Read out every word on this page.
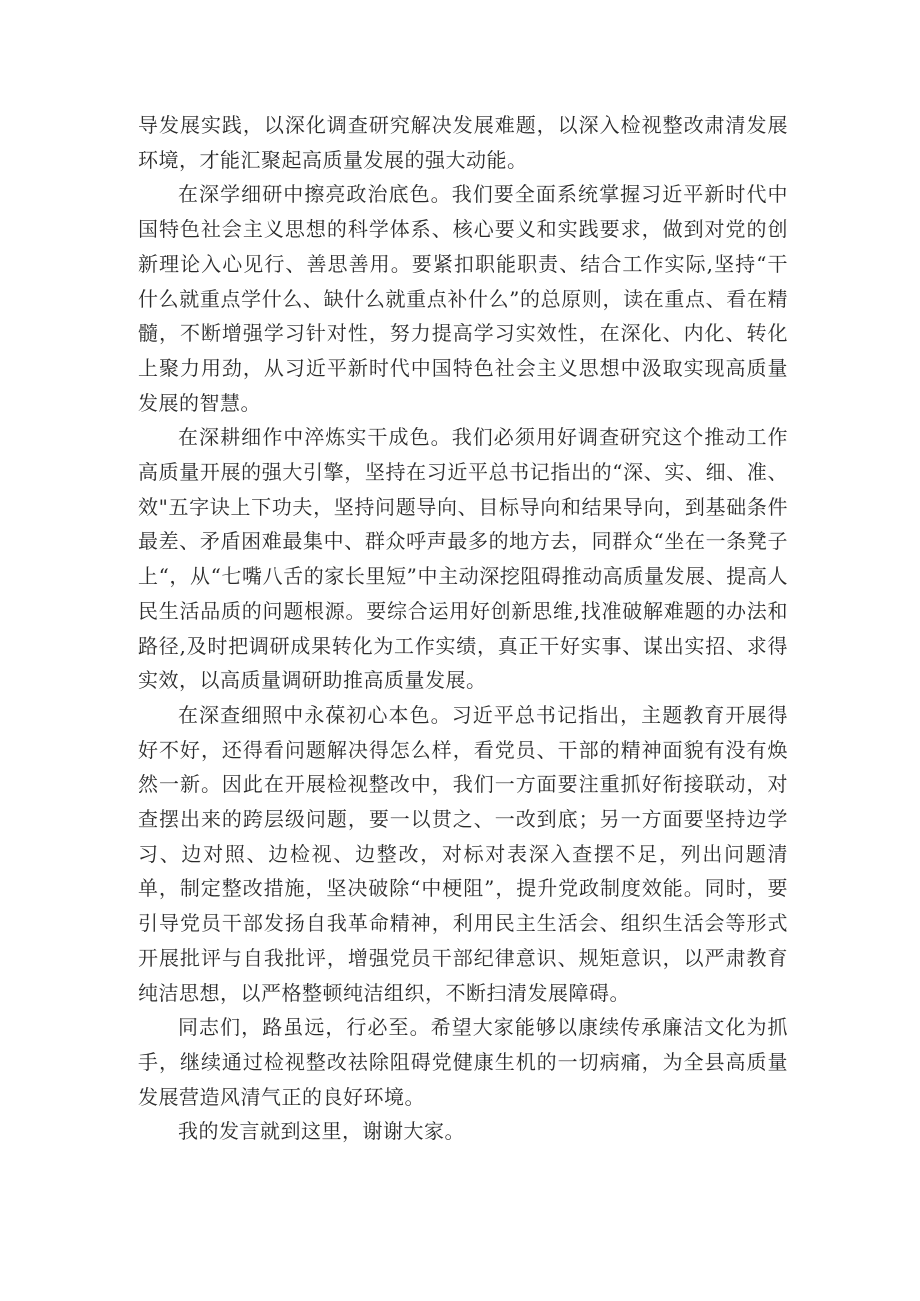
导发展实践，以深化调查研究解决发展难题，以深入检视整改肃清发展环境，才能汇聚起高质量发展的强大动能。

在深学细研中擦亮政治底色。我们要全面系统掌握习近平新时代中国特色社会主义思想的科学体系、核心要义和实践要求，做到对党的创新理论入心见行、善思善用。要紧扣职能职责、结合工作实际,坚持“干什么就重点学什么、缺什么就重点补什么”的总原则，读在重点、看在精髓，不断增强学习针对性，努力提高学习实效性，在深化、内化、转化上聚力用劲，从习近平新时代中国特色社会主义思想中汲取实现高质量发展的智慧。

在深耕细作中淬炼实干成色。我们必须用好调查研究这个推动工作高质量开展的强大引擎，坚持在习近平总书记指出的“深、实、细、准、效"五字诀上下功夫，坚持问题导向、目标导向和结果导向，到基础条件最差、矛盾困难最集中、群众呼声最多的地方去，同群众“坐在一条凳子上“，从“七嘴八舌的家长里短”中主动深挖阻碍推动高质量发展、提高人民生活品质的问题根源。要综合运用好创新思维,找准破解难题的办法和路径,及时把调研成果转化为工作实绩，真正干好实事、谋出实招、求得实效，以高质量调研助推高质量发展。

在深查细照中永葆初心本色。习近平总书记指出，主题教育开展得好不好，还得看问题解决得怎么样，看党员、干部的精神面貌有没有焕然一新。因此在开展检视整改中，我们一方面要注重抓好衔接联动，对查摆出来的跨层级问题，要一以贯之、一改到底；另一方面要坚持边学习、边对照、边检视、边整改，对标对表深入查摆不足，列出问题清单，制定整改措施，坚决破除“中梗阻”，提升党政制度效能。同时，要引导党员干部发扬自我革命精神，利用民主生活会、组织生活会等形式开展批评与自我批评，增强党员干部纪律意识、规矩意识，以严肃教育纯洁思想，以严格整顿纯洁组织，不断扫清发展障碍。

同志们，路虽远，行必至。希望大家能够以康续传承廉洁文化为抓手，继续通过检视整改祛除阻碍党健康生机的一切病痛，为全县高质量发展营造风清气正的良好环境。

我的发言就到这里，谢谢大家。
